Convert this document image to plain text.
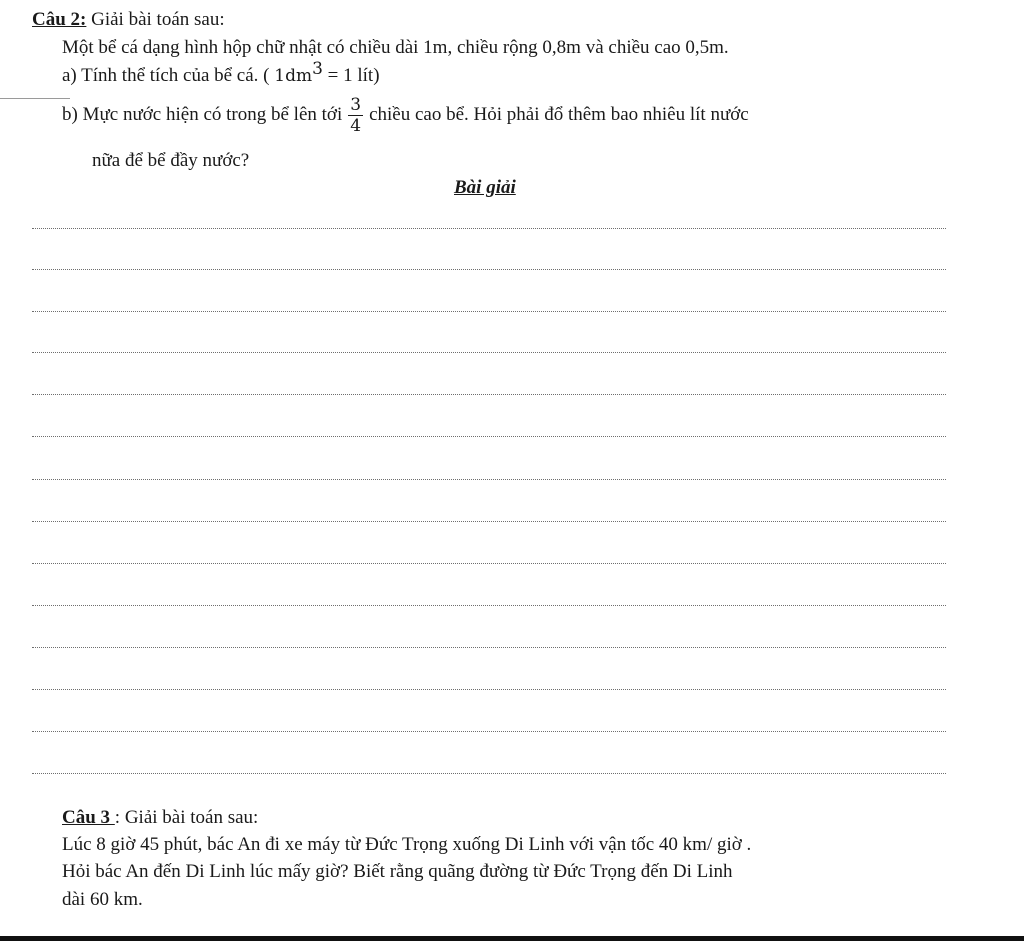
Câu 2: Giải bài toán sau:
Một bể cá dạng hình hộp chữ nhật có chiều dài 1m, chiều rộng 0,8m và chiều cao 0,5m.
a) Tính thể tích của bể cá. ( $1dm^3 = 1$ lít)
b) Mực nước hiện có trong bể lên tới $\frac{3}{4}$ chiều cao bể. Hỏi phải đổ thêm bao nhiêu lít nước
nữa để bể đầy nước?
Bài giải
Câu 3 : Giải bài toán sau:
Lúc 8 giờ 45 phút, bác An đi xe máy từ Đức Trọng xuống Di Linh với vận tốc 40 km/ giờ .
Hỏi bác An đến Di Linh lúc mấy giờ? Biết rằng quãng đường từ Đức Trọng đến Di Linh
dài 60 km.
